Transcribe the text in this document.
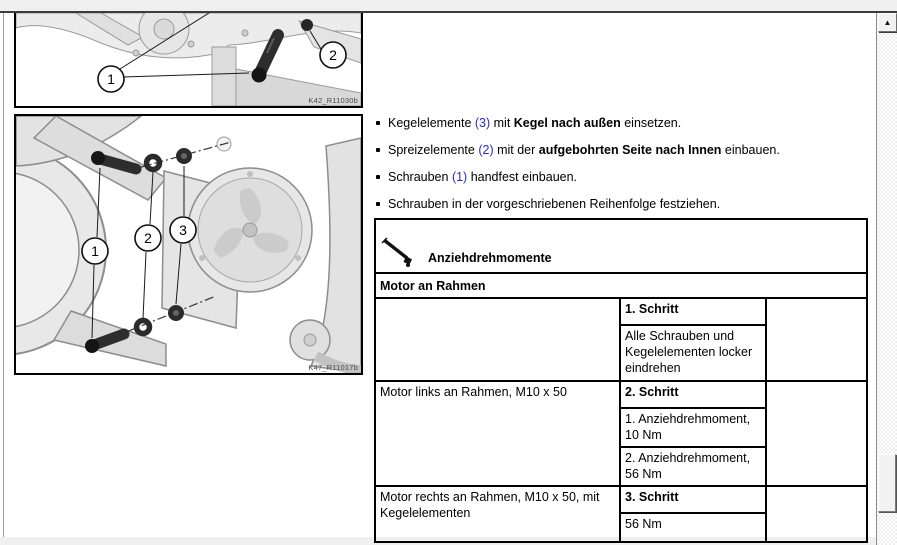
1
2
K42_R11030b
1
2 3
K47_R11017b
Kegelelemente (3) mit Kegel nach außen einsetzen.
Spreizelemente (2) mit der aufgebohrten Seite nach Innen einbauen.
Schrauben (1) handfest einbauen.
Schrauben in der vorgeschriebenen Reihenfolge festziehen.
Anziehdrehmomente		

Motor an Rahmen		
	1. Schritt	
	Alle Schrauben und Kegelelementen locker eindrehen	
Motor links an Rahmen, M10 x 50	2. Schritt	
	1. Anziehdrehmoment, 10 Nm	
	2. Anziehdrehmoment, 56 Nm	
Motor rechts an Rahmen, M10 x 50, mit Kegelelementen	3. Schritt	
	56 Nm	
▲
